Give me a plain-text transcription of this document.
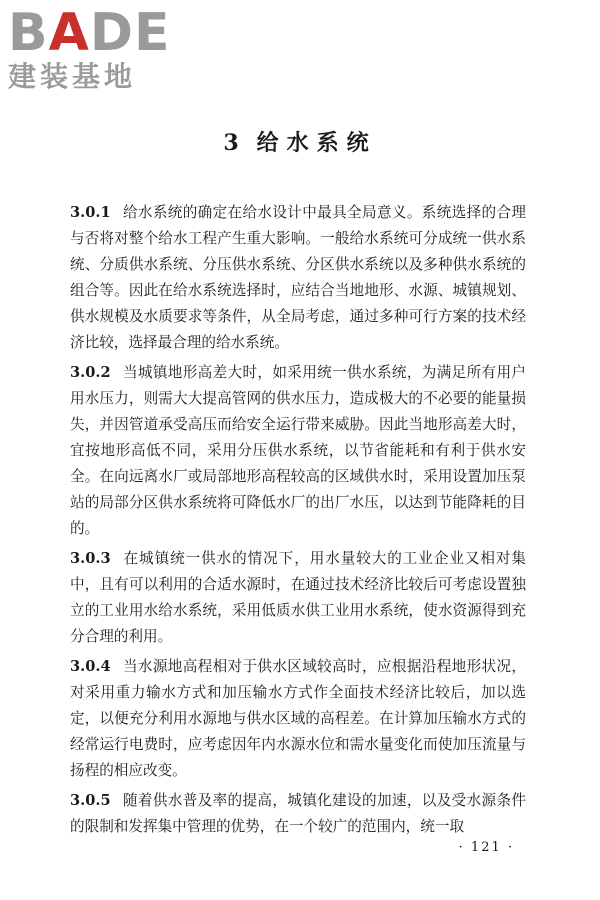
BADE
建装基地
3 给水系统

3.0.1 给水系统的确定在给水设计中最具全局意义。系统选择的合理与否将对整个给水工程产生重大影响。一般给水系统可分成统一供水系统、分质供水系统、分压供水系统、分区供水系统以及多种供水系统的组合等。因此在给水系统选择时，应结合当地地形、水源、城镇规划、供水规模及水质要求等条件，从全局考虑，通过多种可行方案的技术经济比较，选择最合理的给水系统。

3.0.2 当城镇地形高差大时，如采用统一供水系统，为满足所有用户用水压力，则需大大提高管网的供水压力，造成极大的不必要的能量损失，并因管道承受高压而给安全运行带来威胁。因此当地形高差大时，宜按地形高低不同，采用分压供水系统，以节省能耗和有利于供水安全。在向远离水厂或局部地形高程较高的区域供水时，采用设置加压泵站的局部分区供水系统将可降低水厂的出厂水压，以达到节能降耗的目的。

3.0.3 在城镇统一供水的情况下，用水量较大的工业企业又相对集中，且有可以利用的合适水源时，在通过技术经济比较后可考虑设置独立的工业用水给水系统，采用低质水供工业用水系统，使水资源得到充分合理的利用。

3.0.4 当水源地高程相对于供水区域较高时，应根据沿程地形状况，对采用重力输水方式和加压输水方式作全面技术经济比较后，加以选定，以便充分利用水源地与供水区域的高程差。在计算加压输水方式的经常运行电费时，应考虑因年内水源水位和需水量变化而使加压流量与扬程的相应改变。

3.0.5 随着供水普及率的提高，城镇化建设的加速，以及受水源条件的限制和发挥集中管理的优势，在一个较广的范围内，统一取

· 121 ·
